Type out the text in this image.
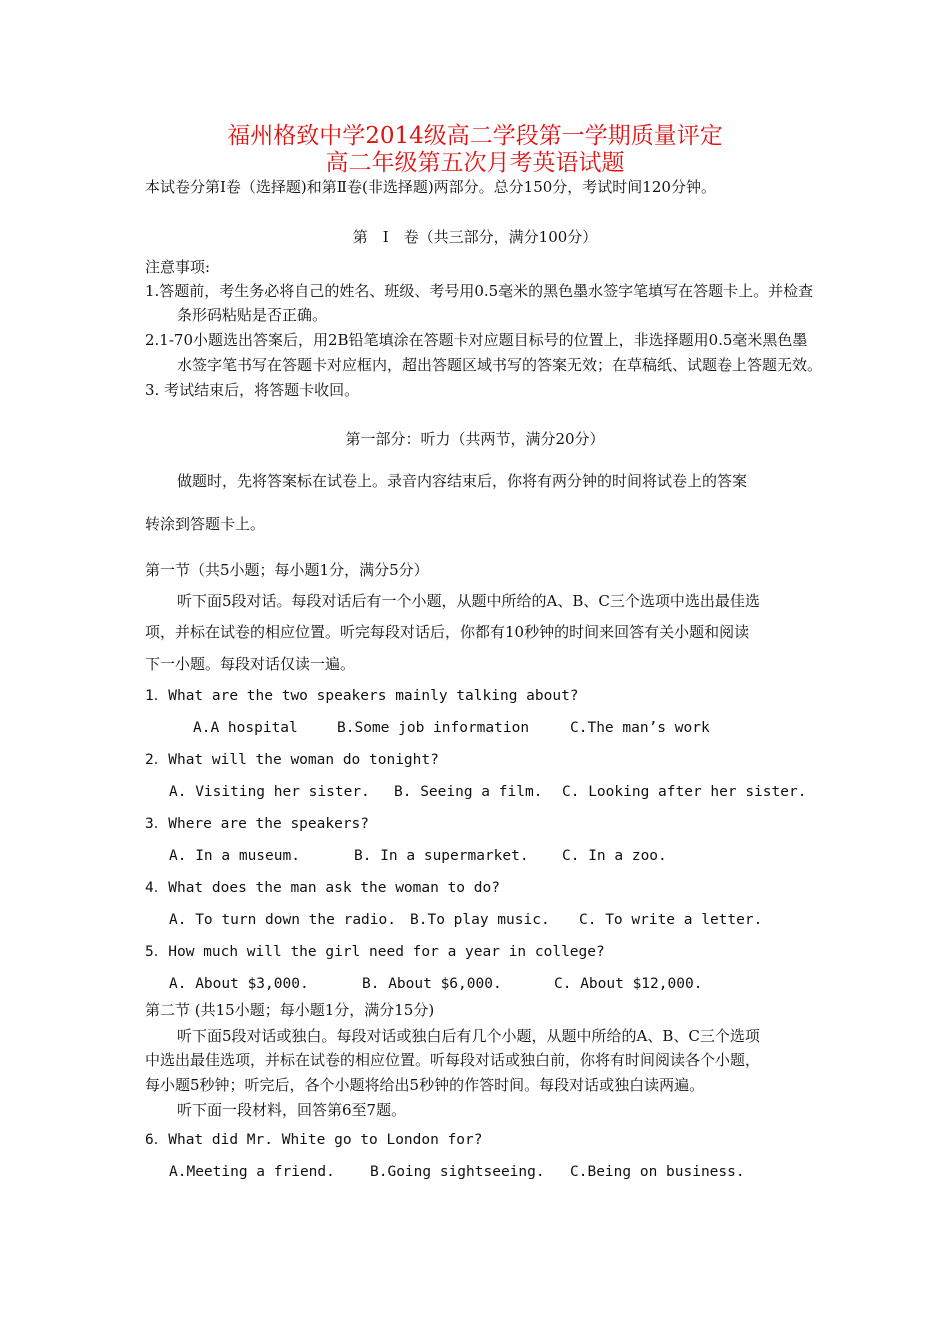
福州格致中学2014级高二学段第一学期质量评定
高二年级第五次月考英语试题
本试卷分第Ⅰ卷（选择题)和第Ⅱ卷(非选择题)两部分。总分150分，考试时间120分钟。
第　Ⅰ　卷（共三部分，满分100分）
注意事项:
1.答题前，考生务必将自己的姓名、班级、考号用0.5毫米的黑色墨水签字笔填写在答题卡上。并检查
条形码粘贴是否正确。
2.1-70小题选出答案后，用2B铅笔填涂在答题卡对应题目标号的位置上，非选择题用0.5毫米黑色墨
水签字笔书写在答题卡对应框内，超出答题区域书写的答案无效；在草稿纸、试题卷上答题无效。
3. 考试结束后，将答题卡收回。
第一部分：听力（共两节，满分20分）
做题时，先将答案标在试卷上。录音内容结束后，你将有两分钟的时间将试卷上的答案
转涂到答题卡上。
第一节（共5小题；每小题1分，满分5分）
听下面5段对话。每段对话后有一个小题，从题中所给的A、B、C三个选项中选出最佳选
项，并标在试卷的相应位置。听完每段对话后，你都有10秒钟的时间来回答有关小题和阅读
下一小题。每段对话仅读一遍。
1．What are the two speakers mainly talking about?
A.A hospital	B.Some job information	C.The man’s work
2．What will the woman do tonight?
A. Visiting her sister. B. Seeing a film. C. Looking after her sister.
3．Where are the speakers?
A. In a museum.	B. In a supermarket. C. In a zoo.
4．What does the man ask the woman to do?
A. To turn down the radio. B.To play music. C. To write a letter.
5．How much will the girl need for a year in college?
A. About $3,000.	B. About $6,000.	C. About $12,000.
第二节 (共15小题；每小题1分，满分15分)
听下面5段对话或独白。每段对话或独白后有几个小题，从题中所给的A、B、C三个选项
中选出最佳选项，并标在试卷的相应位置。听每段对话或独白前，你将有时间阅读各个小题，
每小题5秒钟；听完后，各个小题将给出5秒钟的作答时间。每段对话或独白读两遍。
听下面一段材料，回答第6至7题。
6．What did Mr. White go to London for?
A.Meeting a friend. B.Going sightseeing. C.Being on business.
